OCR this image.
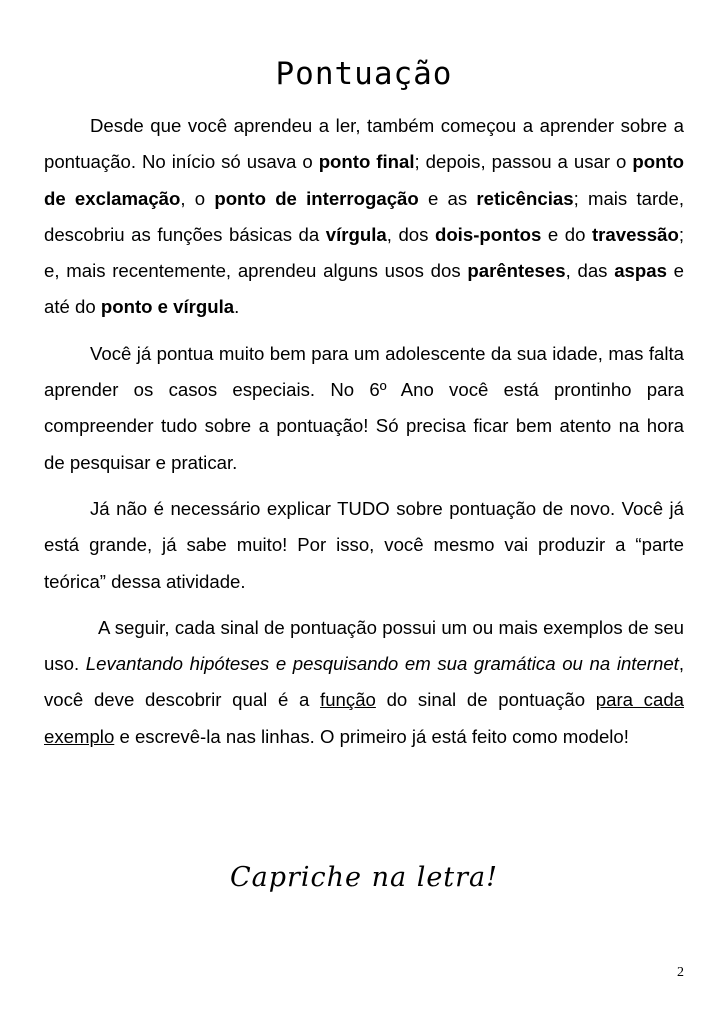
Pontuação

Desde que você aprendeu a ler, também começou a aprender sobre a pontuação. No início só usava o ponto final; depois, passou a usar o ponto de exclamação, o ponto de interrogação e as reticências; mais tarde, descobriu as funções básicas da vírgula, dos dois-pontos e do travessão; e, mais recentemente, aprendeu alguns usos dos parênteses, das aspas e até do ponto e vírgula.

Você já pontua muito bem para um adolescente da sua idade, mas falta aprender os casos especiais. No 6º Ano você está prontinho para compreender tudo sobre a pontuação! Só precisa ficar bem atento na hora de pesquisar e praticar.

Já não é necessário explicar TUDO sobre pontuação de novo. Você já está grande, já sabe muito! Por isso, você mesmo vai produzir a “parte teórica” dessa atividade.

A seguir, cada sinal de pontuação possui um ou mais exemplos de seu uso. Levantando hipóteses e pesquisando em sua gramática ou na internet, você deve descobrir qual é a função do sinal de pontuação para cada exemplo e escrevê-la nas linhas. O primeiro já está feito como modelo!

Capriche na letra!
2
